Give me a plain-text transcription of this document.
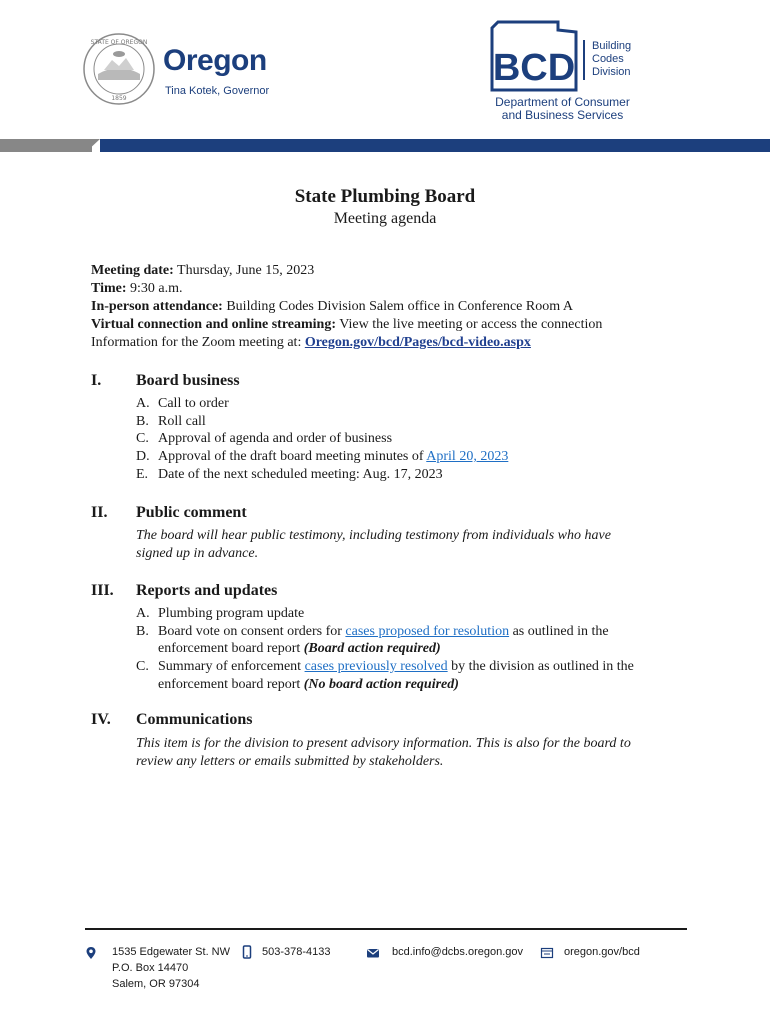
STATE OF OREGON
1859
Oregon
Tina Kotek, Governor
BCD
Building
Codes
Division
Department of Consumer
and Business Services
State Plumbing Board
Meeting agenda
Meeting date: Thursday, June 15, 2023
Time: 9:30 a.m.
In-person attendance: Building Codes Division Salem office in Conference Room A
Virtual connection and online streaming: View the live meeting or access the connection
Information for the Zoom meeting at: Oregon.gov/bcd/Pages/bcd-video.aspx
I. Board business
A. Call to order
B. Roll call
C. Approval of agenda and order of business
D. Approval of the draft board meeting minutes of April 20, 2023
E. Date of the next scheduled meeting: Aug. 17, 2023
II. Public comment
The board will hear public testimony, including testimony from individuals who have
signed up in advance.
III. Reports and updates
A. Plumbing program update
B. Board vote on consent orders for cases proposed for resolution as outlined in the
enforcement board report (Board action required)
C. Summary of enforcement cases previously resolved by the division as outlined in the
enforcement board report (No board action required)
IV. Communications
This item is for the division to present advisory information. This is also for the board to
review any letters or emails submitted by stakeholders.
1535 Edgewater St. NW
P.O. Box 14470
Salem, OR 97304
503-378-4133	bcd.info@dcbs.oregon.gov	oregon.gov/bcd
